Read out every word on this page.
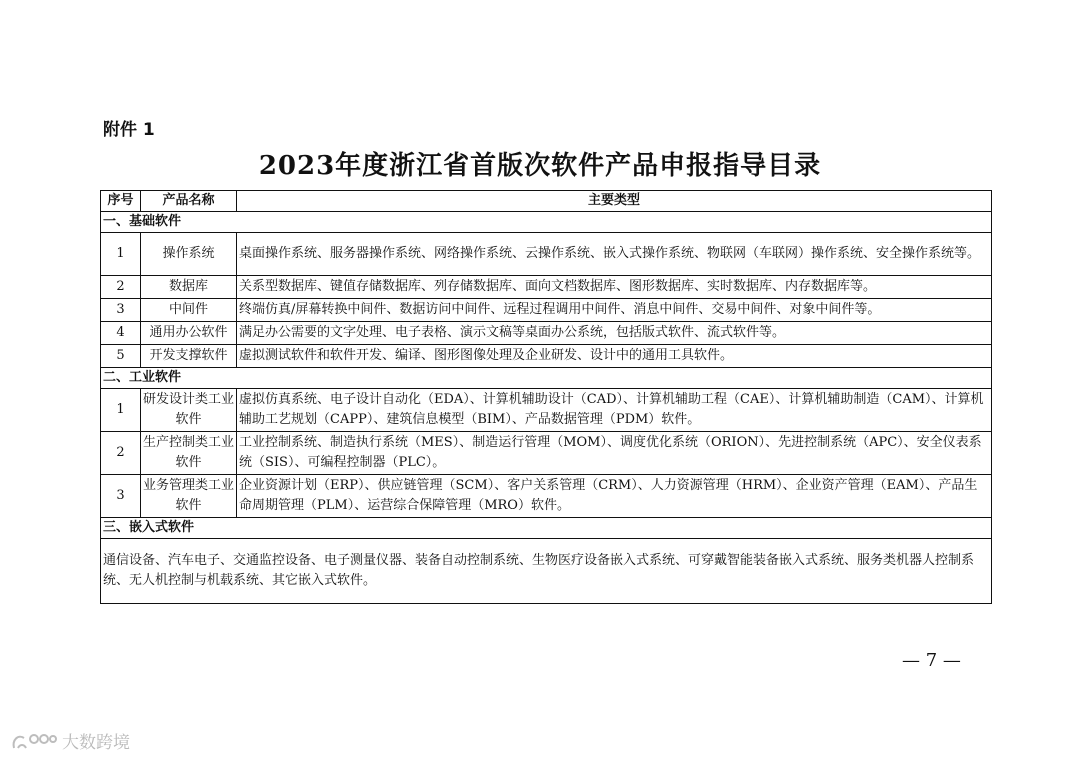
附件 1
2023年度浙江省首版次软件产品申报指导目录
序号	产品名称	主要类型
一、基础软件		
1	操作系统	桌面操作系统、服务器操作系统、网络操作系统、云操作系统、嵌入式操作系统、物联网（车联网）操作系统、安全操作系统等。
2	数据库	关系型数据库、键值存储数据库、列存储数据库、面向文档数据库、图形数据库、实时数据库、内存数据库等。
3	中间件	终端仿真/屏幕转换中间件、数据访问中间件、远程过程调用中间件、消息中间件、交易中间件、对象中间件等。
4	通用办公软件	满足办公需要的文字处理、电子表格、演示文稿等桌面办公系统，包括版式软件、流式软件等。
5	开发支撑软件	虚拟测试软件和软件开发、编译、图形图像处理及企业研发、设计中的通用工具软件。
二、工业软件		
1	研发设计类工业软件	虚拟仿真系统、电子设计自动化（EDA）、计算机辅助设计（CAD）、计算机辅助工程（CAE）、计算机辅助制造（CAM）、计算机辅助工艺规划（CAPP）、建筑信息模型（BIM）、产品数据管理（PDM）软件。
2	生产控制类工业软件	工业控制系统、制造执行系统（MES）、制造运行管理（MOM）、调度优化系统（ORION）、先进控制系统（APC）、安全仪表系统（SIS）、可编程控制器（PLC）。
3	业务管理类工业软件	企业资源计划（ERP）、供应链管理（SCM）、客户关系管理（CRM）、人力资源管理（HRM）、企业资产管理（EAM）、产品生命周期管理（PLM）、运营综合保障管理（MRO）软件。
三、嵌入式软件		
通信设备、汽车电子、交通监控设备、电子测量仪器、装备自动控制系统、生物医疗设备嵌入式系统、可穿戴智能装备嵌入式系统、服务类机器人控制系统、无人机控制与机载系统、其它嵌入式软件。		
— 7 —
大数跨境
